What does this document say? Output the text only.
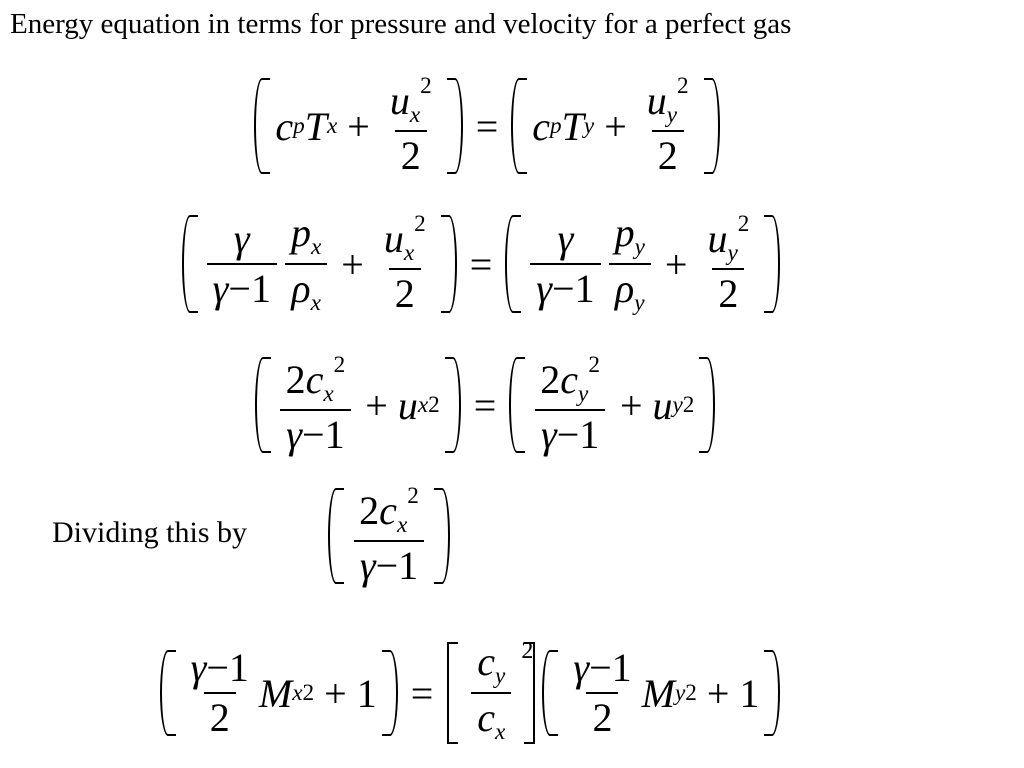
Energy equation in terms for pressure and velocity for a perfect gas
c p T $x + \frac{u_x^2}{2} = c$ p T $y + \frac{u_y^2}{2}$
$\frac{\gamma}{\gamma-1} \frac{p_x}{\rho_x} + \frac{u_x^2}{2} = \frac{\gamma}{\gamma-1} \frac{p_y}{\rho_y} + \frac{u_y^2}{2}$
$\frac{2c_x^2}{\gamma-1} + u$ x $2 = \frac{2c_y^2}{\gamma-1} + u$ y 2
Dividing this by	$\frac{2c_x^2}{\gamma-1}$
$\frac{\gamma-1}{2}$ M x $2 + 1 = \frac{c_y}{c_x} 2 \frac{\gamma-1}{2}$ M y 2 + 1
